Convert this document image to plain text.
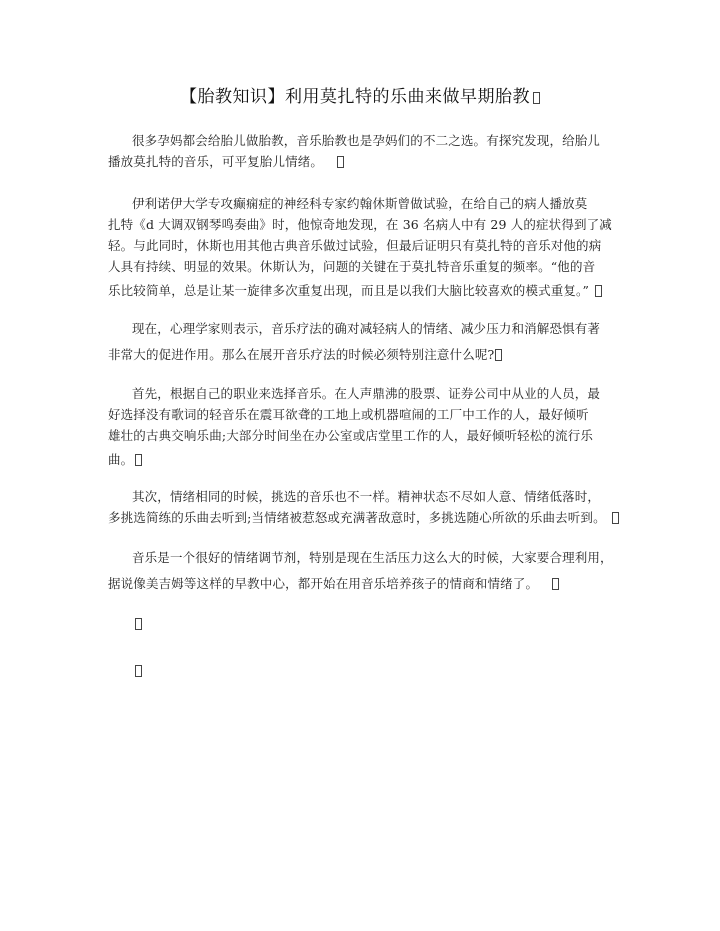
【胎教知识】利用莫扎特的乐曲来做早期胎教
很多孕妈都会给胎儿做胎教，音乐胎教也是孕妈们的不二之选。有探究发现，给胎儿
播放莫扎特的音乐，可平复胎儿情绪。
伊利诺伊大学专攻癫痫症的神经科专家约翰休斯曾做试验，在给自己的病人播放莫
扎特《d 大调双钢琴鸣奏曲》时，他惊奇地发现，在 36 名病人中有 29 人的症状得到了减
轻。与此同时，休斯也用其他古典音乐做过试验，但最后证明只有莫扎特的音乐对他的病
人具有持续、明显的效果。休斯认为，问题的关键在于莫扎特音乐重复的频率。“他的音
乐比较简单，总是让某一旋律多次重复出现，而且是以我们大脑比较喜欢的模式重复。”
现在，心理学家则表示，音乐疗法的确对减轻病人的情绪、减少压力和消解恐惧有著
非常大的促进作用。那么在展开音乐疗法的时候必须特别注意什么呢?
首先，根据自己的职业来选择音乐。在人声鼎沸的股票、证券公司中从业的人员，最
好选择没有歌词的轻音乐在震耳欲聋的工地上或机器喧闹的工厂中工作的人，最好倾听
雄壮的古典交响乐曲;大部分时间坐在办公室或店堂里工作的人，最好倾听轻松的流行乐
曲。
其次，情绪相同的时候，挑选的音乐也不一样。精神状态不尽如人意、情绪低落时，
多挑选简练的乐曲去听到;当情绪被惹怒或充满著敌意时，多挑选随心所欲的乐曲去听到。
音乐是一个很好的情绪调节剂，特别是现在生活压力这么大的时候，大家要合理利用，
据说像美吉姆等这样的早教中心，都开始在用音乐培养孩子的情商和情绪了。
